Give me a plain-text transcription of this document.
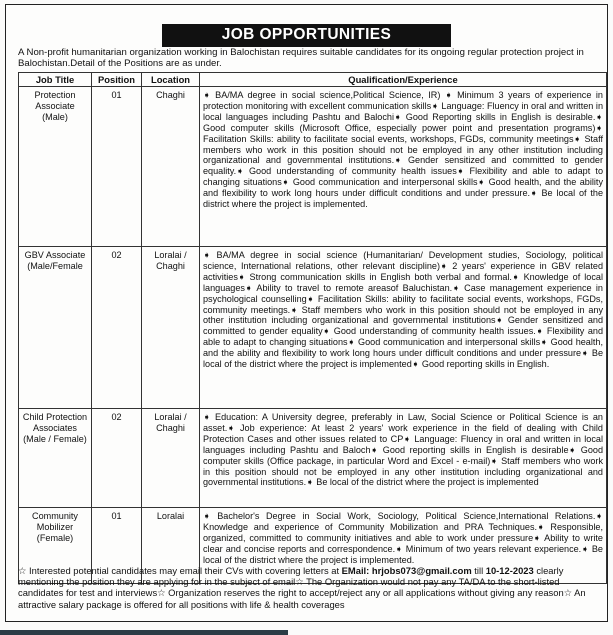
JOB OPPORTUNITIES
A Non-profit humanitarian organization working in Balochistan requires suitable candidates for its ongoing regular protection project in Balochistan.Detail of the Positions are as under.
Job Title	Position	Location	Qualification/Experience
Protection Associate (Male)	01	Chaghi	➧ BA/MA degree in social science,Political Science, IR) ➧ Minimum 3 years of experience in protection monitoring with excellent communication skills➧ Language: Fluency in oral and written in local languages including Pashtu and Balochi➧ Good Reporting skills in English is desirable.➧ Good computer skills (Microsoft Office, especially power point and presentation programs)➧ Facilitation Skills: ability to facilitate social events, workshops, FGDs, community meetings➧ Staff members who work in this position should not be employed in any other institution including organizational and governmental institutions.➧ Gender sensitized and committed to gender equality.➧ Good understanding of community health issues➧ Flexibility and able to adapt to changing situations➧ Good communication and interpersonal skills➧ Good health, and the ability and flexibility to work long hours under difficult conditions and under pressure.➧ Be local of the district where the project is implemented.
GBV Associate (Male/Female	02	Loralai / Chaghi	➧ BA/MA degree in social science (Humanitarian/ Development studies, Sociology, political science, International relations, other relevant discipline)➧ 2 years' experience in GBV related activities➧ Strong communication skills in English both verbal and formal.➧ Knowledge of local languages➧ Ability to travel to remote areasof Baluchistan.➧ Case management experience in psychological counselling➧ Facilitation Skills: ability to facilitate social events, workshops, FGDs, community meetings.➧ Staff members who work in this position should not be employed in any other institution including organizational and governmental institutions➧ Gender sensitized and committed to gender equality➧ Good understanding of community health issues.➧ Flexibility and able to adapt to changing situations➧ Good communication and interpersonal skills➧ Good health, and the ability and flexibility to work long hours under difficult conditions and under pressure➧ Be local of the district where the project is implemented➧ Good reporting skills in English.
Child Protection Associates (Male / Female)	02	Loralai / Chaghi	➧ Education: A University degree, preferably in Law, Social Science or Political Science is an asset.➧ Job experience: At least 2 years' work experience in the field of dealing with Child Protection Cases and other issues related to CP➧ Language: Fluency in oral and written in local languages including Pashtu and Baloch➧ Good reporting skills in English is desirable➧ Good computer skills (Office package, in particular Word and Excel - e-mail)➧ Staff members who work in this position should not be employed in any other institution including organizational and governmental institutions.➧ Be local of the district where the project is implemented
Community Mobilizer (Female)	01	Loralai	➧ Bachelor's Degree in Social Work, Sociology, Political Science,International Relations.➧ Knowledge and experience of Community Mobilization and PRA Techniques.➧ Responsible, organized, committed to community initiatives and able to work under pressure➧ Ability to write clear and concise reports and correspondence.➧ Minimum of two years relevant experience.➧ Be local of the district where the project is implemented.
☆ Interested potential candidates may email their CVs with covering letters at EMail: hrjobs073@gmail.com till 10-12-2023 clearly mentioning the position they are applying for in the subject of email☆ The Organization would not pay any TA/DA to the short-listed candidates for test and interviews☆ Organization reserves the right to accept/reject any or all applications without giving any reason☆ An attractive salary package is offered for all positions with life & health coverages
